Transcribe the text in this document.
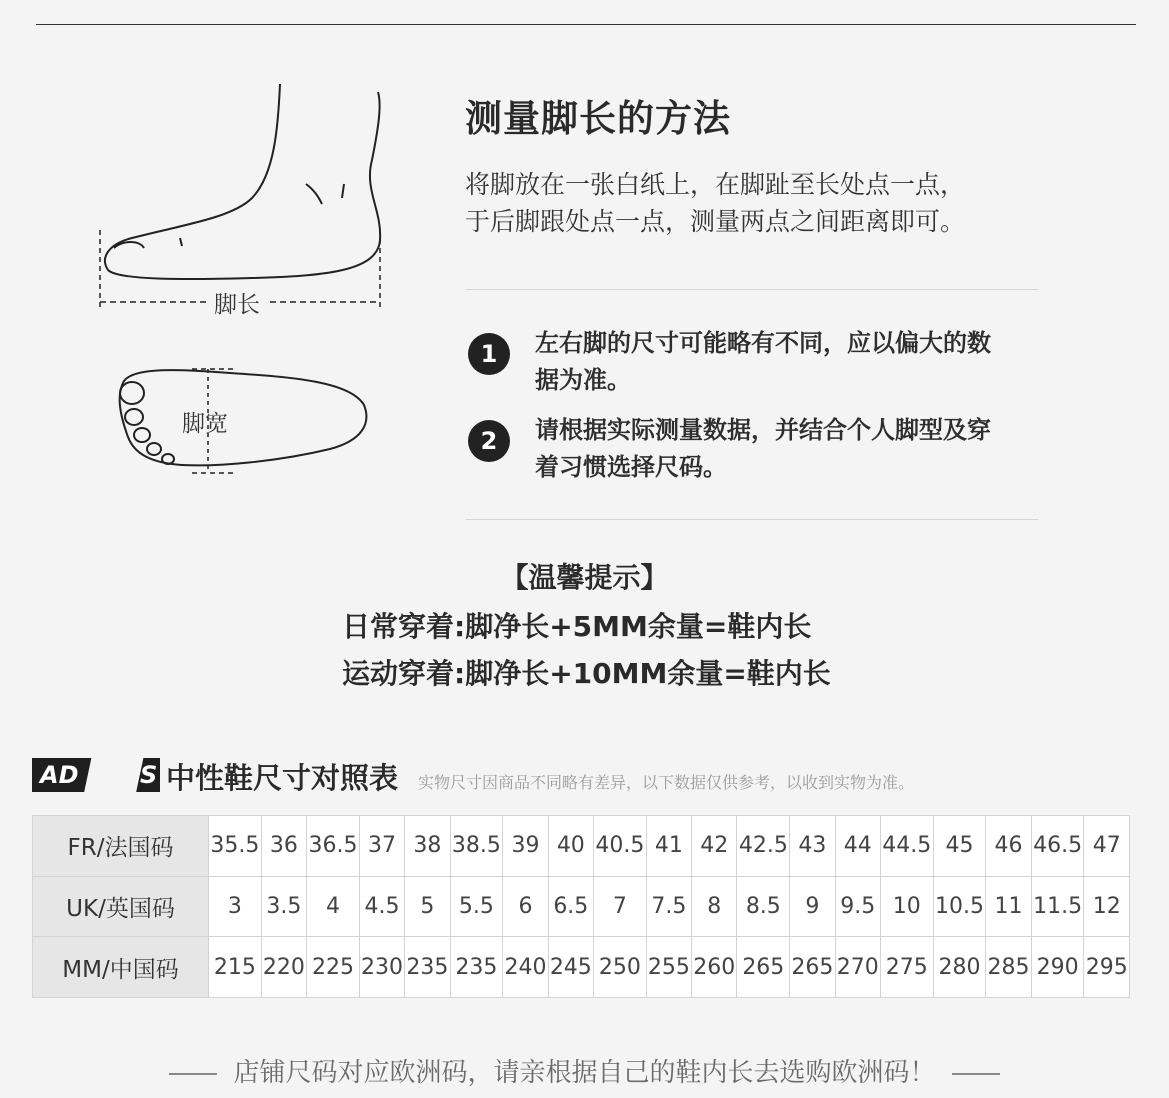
脚长
脚宽
测量脚长的方法
将脚放在一张白纸上，在脚趾至长处点一点，
于后脚跟处点一点，测量两点之间距离即可。
1	左右脚的尺寸可能略有不同，应以偏大的数
据为准。
2	请根据实际测量数据，并结合个人脚型及穿
着习惯选择尺码。
【温馨提示】
日常穿着:脚净长+5MM余量=鞋内长
运动穿着:脚净长+10MM余量=鞋内长
AD	S 中性鞋尺寸对照表 实物尺寸因商品不同略有差异，以下数据仅供参考，以收到实物为准。
FR/法国码	35.5	36	36.5	37	38	38.5	39	40	40.5	41	42	42.5	43	44	44.5	45	46	46.5	47
UK/英国码	3	3.5	4	4.5	5	5.5	6	6.5	7	7.5	8	8.5	9	9.5	10	10.5	11	11.5	12
MM/中国码	215	220	225	230	235	235	240	245	250	255	260	265	265	270	275	280	285	290	295
店铺尺码对应欧洲码，请亲根据自己的鞋内长去选购欧洲码！
